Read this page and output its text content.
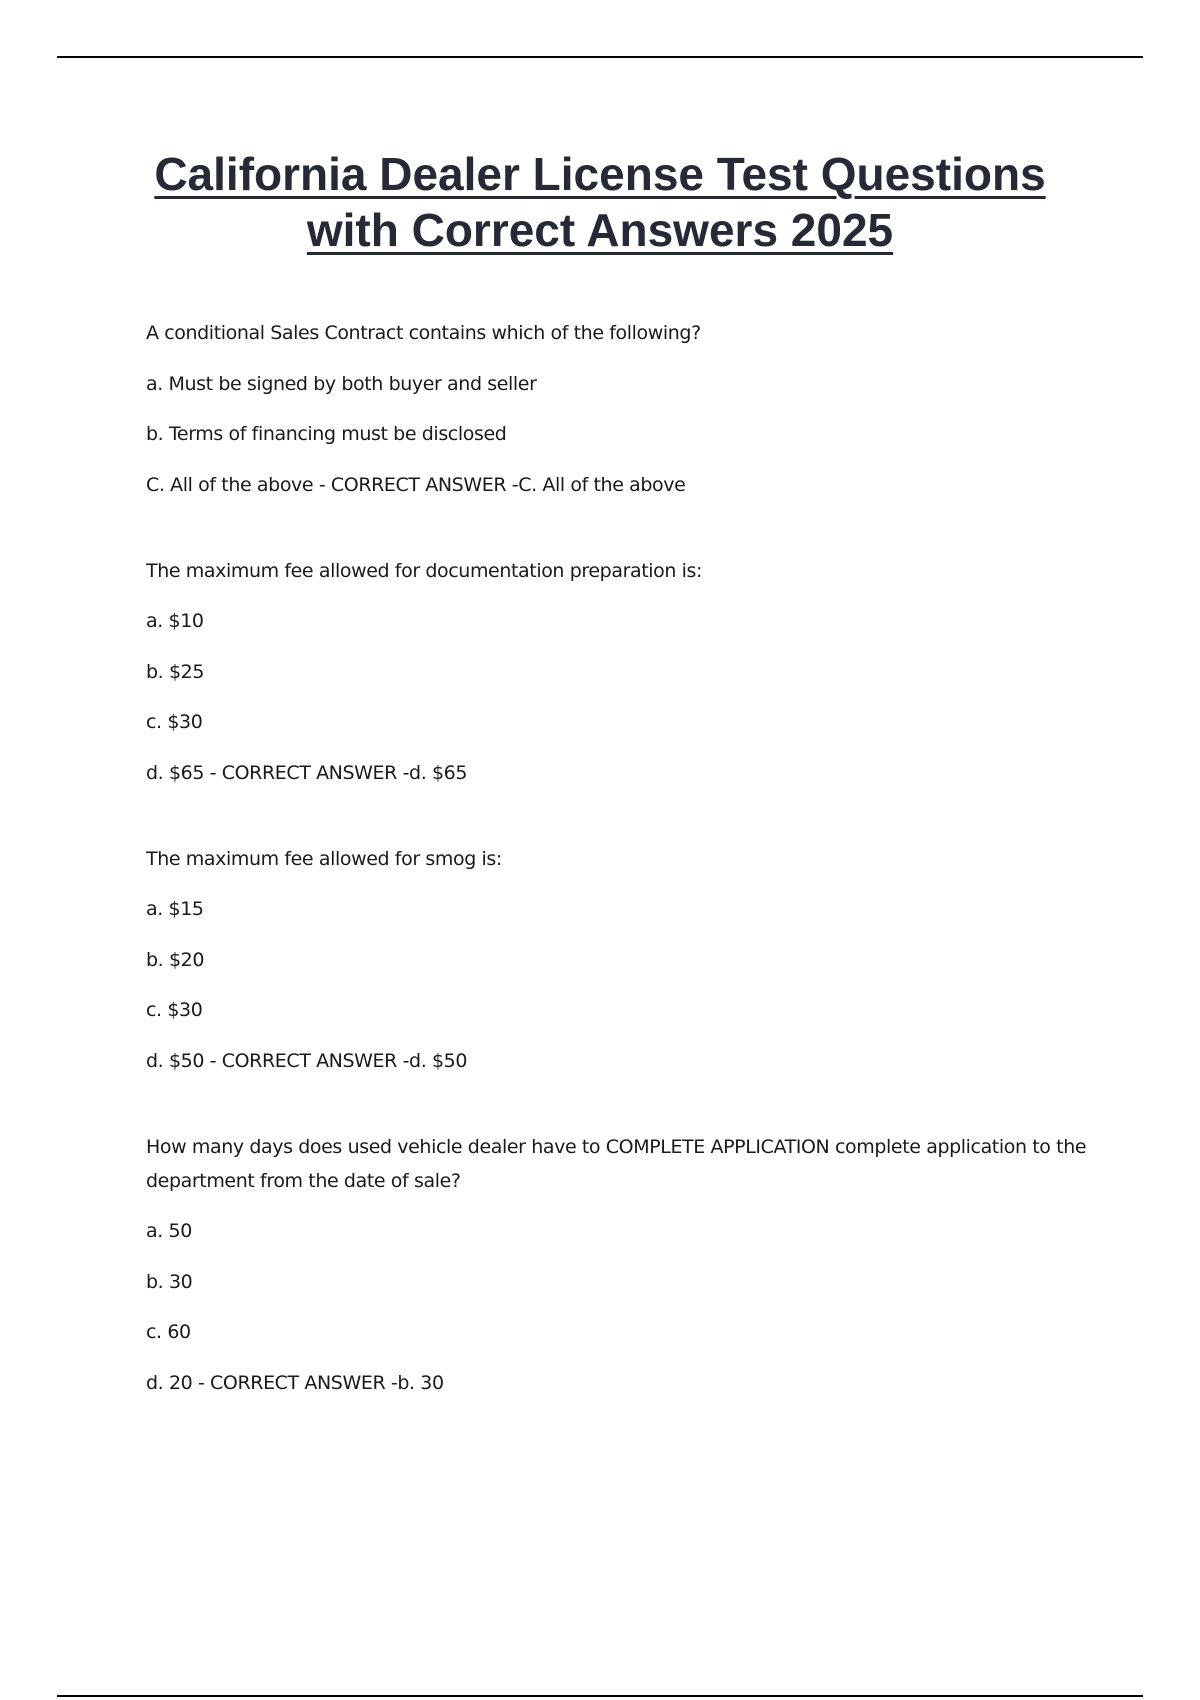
California Dealer License Test Questions
with Correct Answers 2025

A conditional Sales Contract contains which of the following?

a. Must be signed by both buyer and seller

b. Terms of financing must be disclosed

C. All of the above - CORRECT ANSWER -C. All of the above

The maximum fee allowed for documentation preparation is:

a. $10

b. $25

c. $30

d. $65 - CORRECT ANSWER -d. $65

The maximum fee allowed for smog is:

a. $15

b. $20

c. $30

d. $50 - CORRECT ANSWER -d. $50

How many days does used vehicle dealer have to COMPLETE APPLICATION complete application to the department from the date of sale?

a. 50

b. 30

c. 60

d. 20 - CORRECT ANSWER -b. 30
